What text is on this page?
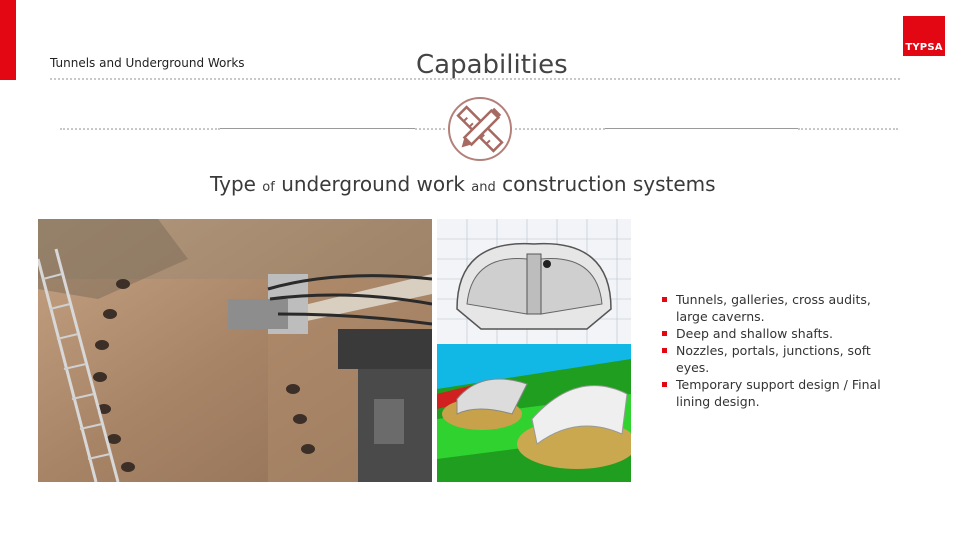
Tunnels and Underground Works	Capabilities
TYPSA
Type of underground work and construction systems
Tunnels, galleries, cross audits, large caverns.
Deep and shallow shafts.
Nozzles, portals, junctions, soft eyes.
Temporary support design / Final lining design.
